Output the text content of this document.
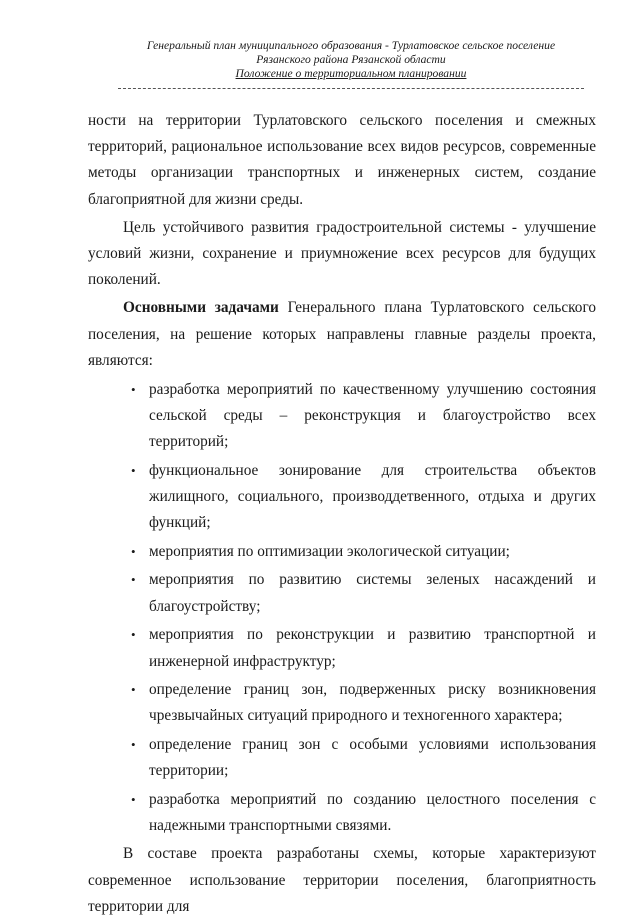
Генеральный план муниципального образования - Турлатовское сельское поселение
Рязанского района Рязанской области
Положение о территориальном планировании

ности на территории Турлатовского сельского поселения и смежных территорий, рациональное использование всех видов ресурсов, современные методы организации транспортных и инженерных систем, создание благоприятной для жизни среды.

Цель устойчивого развития градостроительной системы - улучшение условий жизни, сохранение и приумножение всех ресурсов для будущих поколений.

Основными задачами Генерального плана Турлатовского сельского поселения, на решение которых направлены главные разделы проекта, являются:

• разработка мероприятий по качественному улучшению состояния сельской среды – реконструкция и благоустройство всех территорий;
• функциональное зонирование для строительства объектов жилищного, социального, производдетвенного, отдыха и других функций;
• мероприятия по оптимизации экологической ситуации;
• мероприятия по развитию системы зеленых насаждений и благоустройству;
• мероприятия по реконструкции и развитию транспортной и инженерной инфраструктур;
• определение границ зон, подверженных риску возникновения чрезвычайных ситуаций природного и техногенного характера;
• определение границ зон с особыми условиями использования территории;
• разработка мероприятий по созданию целостного поселения с надежными транспортными связями.

В составе проекта разработаны схемы, которые характеризуют современное использование территории поселения, благоприятность территории для
